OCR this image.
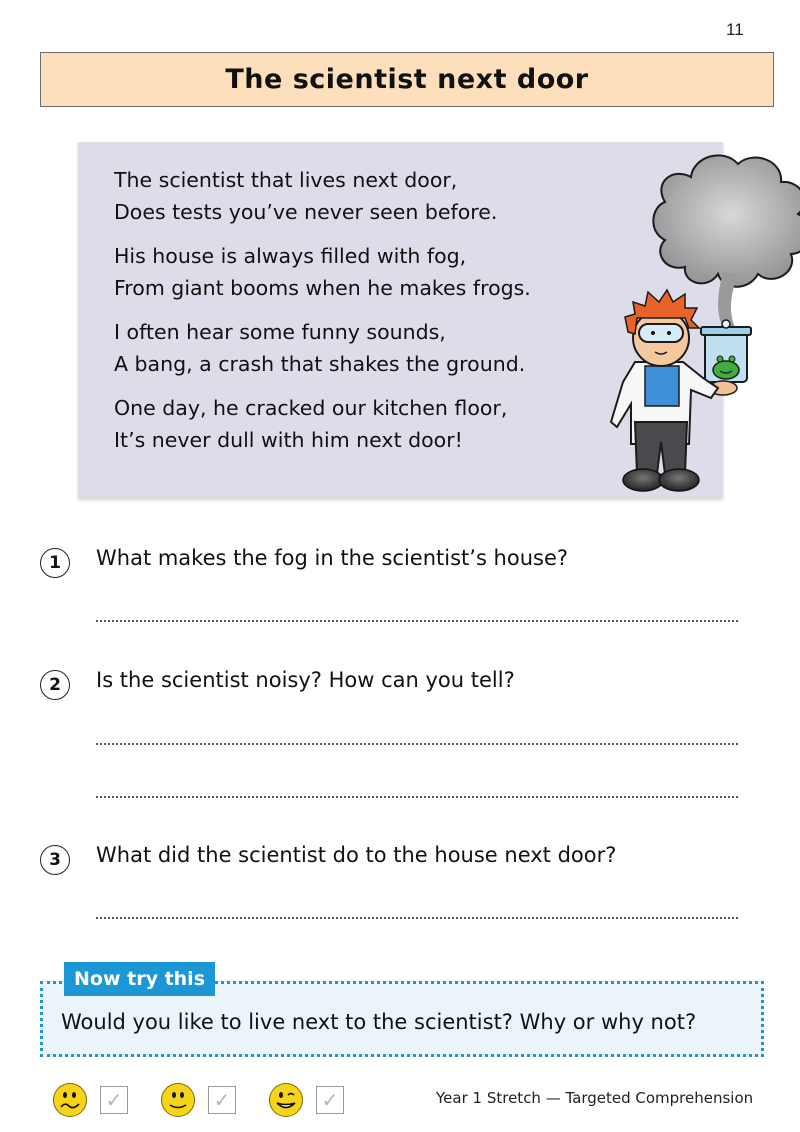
11
The scientist next door
The scientist that lives next door,
Does tests you’ve never seen before.
His house is always filled with fog,
From giant booms when he makes frogs.
I often hear some funny sounds,
A bang, a crash that shakes the ground.
One day, he cracked our kitchen floor,
It’s never dull with him next door!
1	What makes the fog in the scientist’s house?
2	Is the scientist noisy? How can you tell?
3	What did the scientist do to the house next door?
Would you like to live next to the scientist? Why or why not?
Now try this
✓	✓	✓	Year 1 Stretch — Targeted Comprehension
